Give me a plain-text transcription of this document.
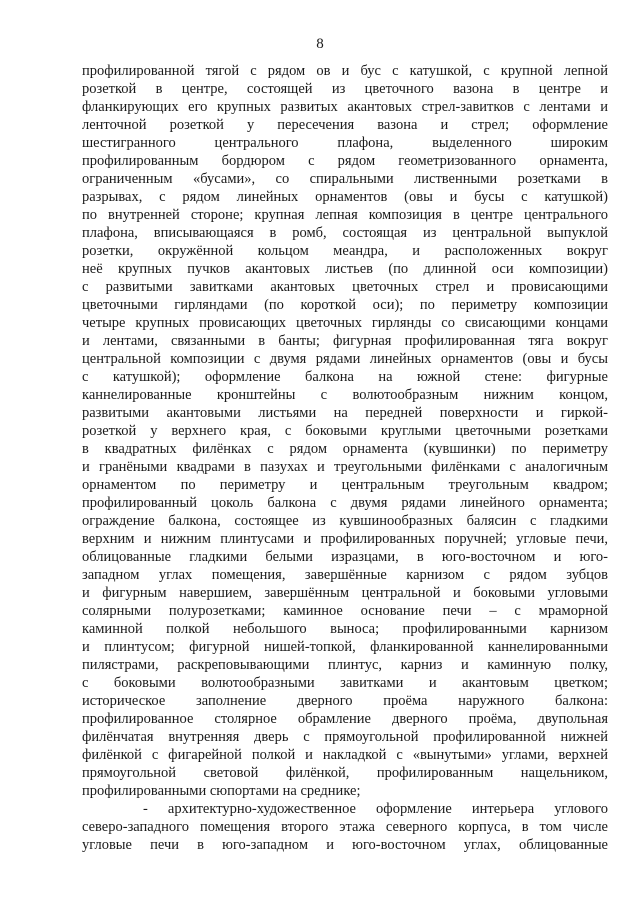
8
профилированной тягой с рядом ов и бус с катушкой, с крупной лепной
розеткой в центре, состоящей из цветочного вазона в центре и
фланкирующих его крупных развитых акантовых стрел-завитков с лентами и
ленточной розеткой у пересечения вазона и стрел; оформление
шестигранного центрального плафона, выделенного широким
профилированным бордюром с рядом геометризованного орнамента,
ограниченным «бусами», со спиральными лиственными розетками в
разрывах, с рядом линейных орнаментов (овы и бусы с катушкой)
по внутренней стороне; крупная лепная композиция в центре центрального
плафона, вписывающаяся в ромб, состоящая из центральной выпуклой
розетки, окружённой кольцом меандра, и расположенных вокруг
неё крупных пучков акантовых листьев (по длинной оси композиции)
с развитыми завитками акантовых цветочных стрел и провисающими
цветочными гирляндами (по короткой оси); по периметру композиции
четыре крупных провисающих цветочных гирлянды со свисающими концами
и лентами, связанными в банты; фигурная профилированная тяга вокруг
центральной композиции с двумя рядами линейных орнаментов (овы и бусы
с катушкой); оформление балкона на южной стене: фигурные
каннелированные кронштейны с волютообразным нижним концом,
развитыми акантовыми листьями на передней поверхности и гиркой-
розеткой у верхнего края, с боковыми круглыми цветочными розетками
в квадратных филёнках с рядом орнамента (кувшинки) по периметру
и гранёными квадрами в пазухах и треугольными филёнками с аналогичным
орнаментом по периметру и центральным треугольным квадром;
профилированный цоколь балкона с двумя рядами линейного орнамента;
ограждение балкона, состоящее из кувшинообразных балясин с гладкими
верхним и нижним плинтусами и профилированных поручней; угловые печи,
облицованные гладкими белыми изразцами, в юго-восточном и юго-
западном углах помещения, завершённые карнизом с рядом зубцов
и фигурным навершием, завершённым центральной и боковыми угловыми
солярными полурозетками; каминное основание печи – с мраморной
каминной полкой небольшого выноса; профилированными карнизом
и плинтусом; фигурной нишей-топкой, фланкированной каннелированными
пилястрами, раскреповывающими плинтус, карниз и каминную полку,
с боковыми волютообразными завитками и акантовым цветком;
историческое заполнение дверного проёма наружного балкона:
профилированное столярное обрамление дверного проёма, двупольная
филёнчатая внутренняя дверь с прямоугольной профилированной нижней
филёнкой с фигарейной полкой и накладкой с «вынутыми» углами, верхней
прямоугольной световой филёнкой, профилированным нащельником,
профилированными сюпортами на среднике;
- архитектурно-художественное оформление интерьера углового
северо-западного помещения второго этажа северного корпуса, в том числе
угловые печи в юго-западном и юго-восточном углах, облицованные
